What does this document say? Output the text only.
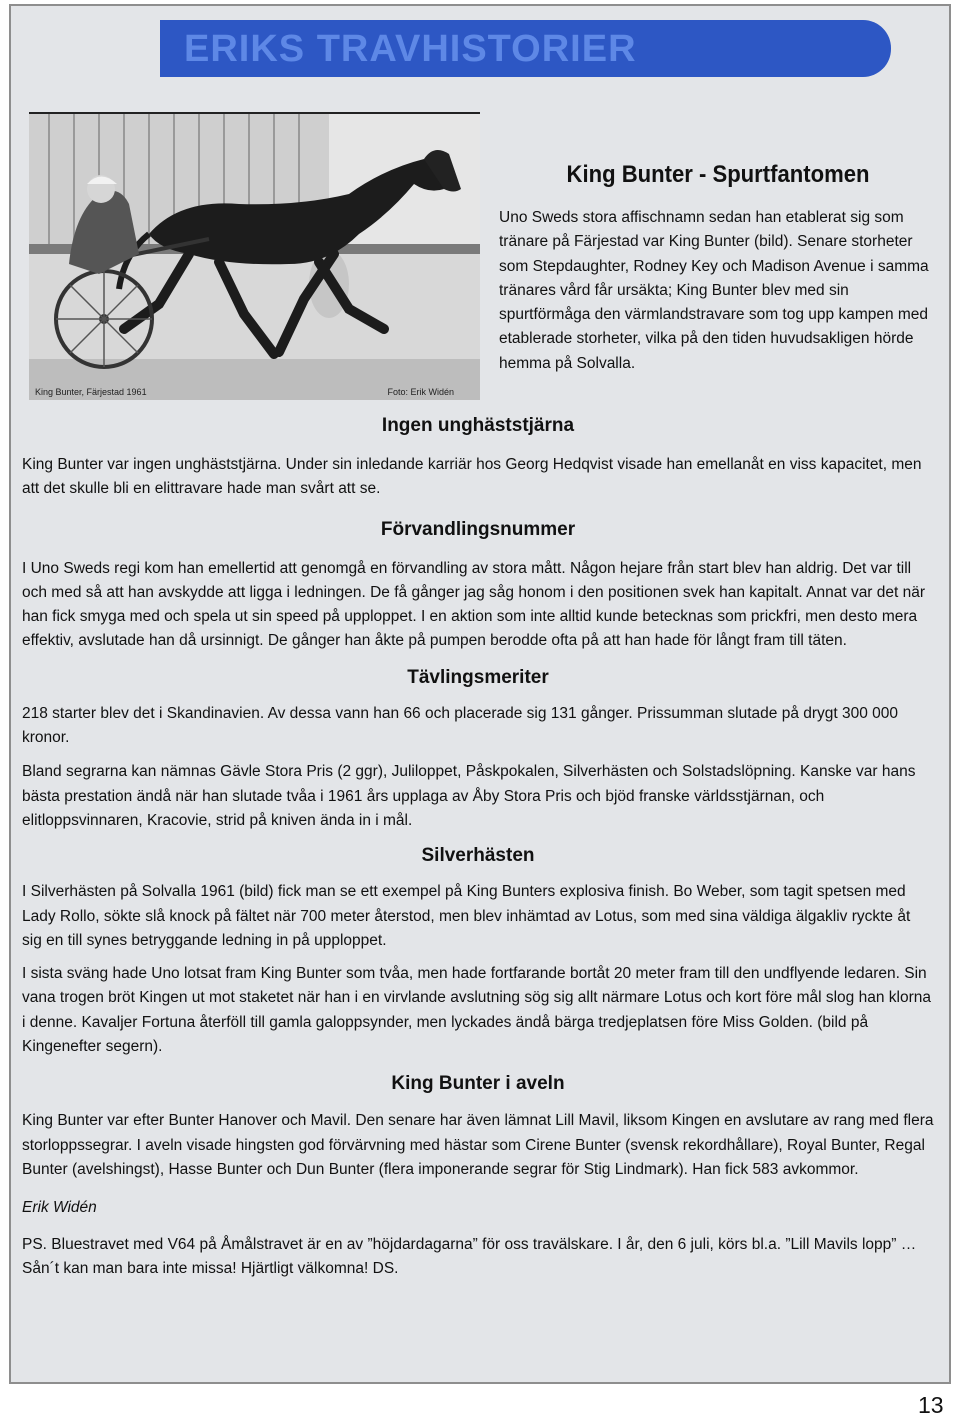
ERIKS TRAVHISTORIER
King Bunter, Färjestad 1961	Foto: Erik Widén
King Bunter - Spurtfantomen

Uno Sweds stora affischnamn sedan han etablerat sig som tränare på Färjestad var King Bunter (bild). Senare storheter som Stepdaughter, Rodney Key och Madison Avenue i samma tränares vård får ursäkta; King Bunter blev med sin spurtförmåga den värmlandstravare som tog upp kampen med etablerade storheter, vilka på den tiden huvudsakligen hörde hemma på Solvalla.

Ingen unghäststjärna

King Bunter var ingen unghäststjärna. Under sin inledande karriär hos Georg Hedqvist visade han emellanåt en viss kapacitet, men att det skulle bli en elittravare hade man svårt att se.

Förvandlingsnummer

I Uno Sweds regi kom han emellertid att genomgå en förvandling av stora mått. Någon hejare från start blev han aldrig. Det var till och med så att han avskydde att ligga i ledningen. De få gånger jag såg honom i den positionen svek han kapitalt. Annat var det när han fick smyga med och spela ut sin speed på upploppet. I en aktion som inte alltid kunde betecknas som prickfri, men desto mera effektiv, avslutade han då ursinnigt. De gånger han åkte på pumpen berodde ofta på att han hade för långt fram till täten.

Tävlingsmeriter

218 starter blev det i Skandinavien. Av dessa vann han 66 och placerade sig 131 gånger. Prissumman slutade på drygt 300 000 kronor.

Bland segrarna kan nämnas Gävle Stora Pris (2 ggr), Juliloppet, Påskpokalen, Silverhästen och Solstadslöpning. Kanske var hans bästa prestation ändå när han slutade tvåa i 1961 års upplaga av Åby Stora Pris och bjöd franske världsstjärnan, och elitloppsvinnaren, Kracovie, strid på kniven ända in i mål.

Silverhästen

I Silverhästen på Solvalla 1961 (bild) fick man se ett exempel på King Bunters explosiva finish. Bo Weber, som tagit spetsen med Lady Rollo, sökte slå knock på fältet när 700 meter återstod, men blev inhämtad av Lotus, som med sina väldiga älgakliv ryckte åt sig en till synes betryggande ledning in på upploppet.

I sista sväng hade Uno lotsat fram King Bunter som tvåa, men hade fortfarande bortåt 20 meter fram till den undflyende ledaren. Sin vana trogen bröt Kingen ut mot staketet när han i en virvlande avslutning sög sig allt närmare Lotus och kort före mål slog han klorna i denne. Kavaljer Fortuna återföll till gamla galoppsynder, men lyckades ändå bärga tredjeplatsen före Miss Golden. (bild på Kingenefter segern).

King Bunter i aveln

King Bunter var efter Bunter Hanover och Mavil. Den senare har även lämnat Lill Mavil, liksom Kingen en avslutare av rang med flera storloppssegrar. I aveln visade hingsten god förvärvning med hästar som Cirene Bunter (svensk rekordhållare), Royal Bunter, Regal Bunter (avelshingst), Hasse Bunter och Dun Bunter (flera imponerande segrar för Stig Lindmark). Han fick 583 avkommor.

Erik Widén

PS. Bluestravet med V64 på Åmålstravet är en av ”höjdardagarna” för oss travälskare. I år, den 6 juli, körs bl.a. ”Lill Mavils lopp” … Sån´t kan man bara inte missa! Hjärtligt välkomna! DS.

13
